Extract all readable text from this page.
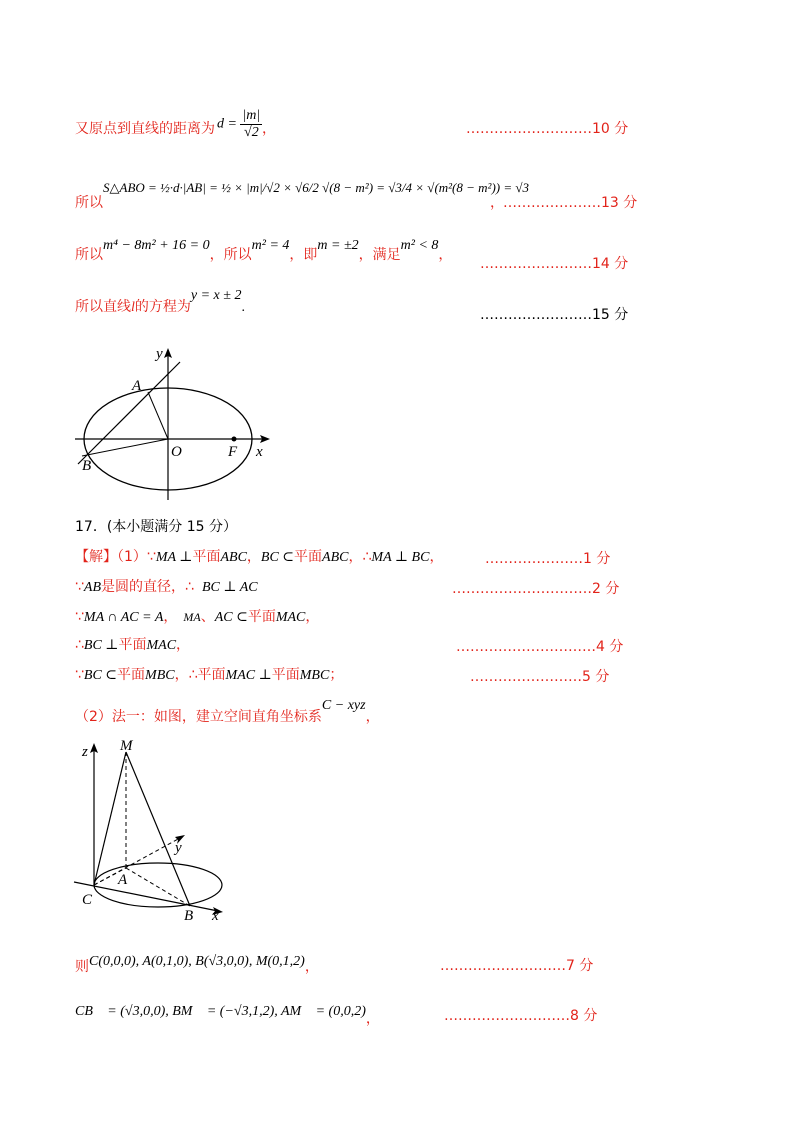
又原点到直线的距离为 $d = \frac{|m|}{√2}$ ，	………………………10 分
所以
S△ABO = ½·d·|AB| = ½ × |m|/√2 × √6/2 √(8 − m²) = √3/4 × √(m²(8 − m²)) = √3
， …………………13 分
所以m⁴ − 8m² + 16 = 0，所以m² = 4，即m = ±2，满足m² < 8，
……………………14 分
所以直线l的方程为y = x ± 2.	……………………15 分
y
A
B
O	F x
17．(本小题满分 15 分）
【解】（1）∵MA ⊥平面ABC，BC ⊂平面ABC，∴MA ⊥ BC，	…………………1 分
∵AB是圆的直径，∴ BC ⊥ AC	…………………………2 分
∵MA ∩ AC = A， MA、AC ⊂平面MAC，
∴BC ⊥平面MAC，	…………………………4 分
∵BC ⊂平面MBC，∴平面MAC ⊥平面MBC；	……………………5 分
（2）法一：如图，建立空间直角坐标系C − xyz，
z M
y
A
C
B x
则C(0,0,0), A(0,1,0), B(√3,0,0), M(0,1,2)，	………………………7 分
CB⃗ = (√3,0,0), BM⃗ = (−√3,1,2), AM⃗ = (0,0,2)，	………………………8 分
